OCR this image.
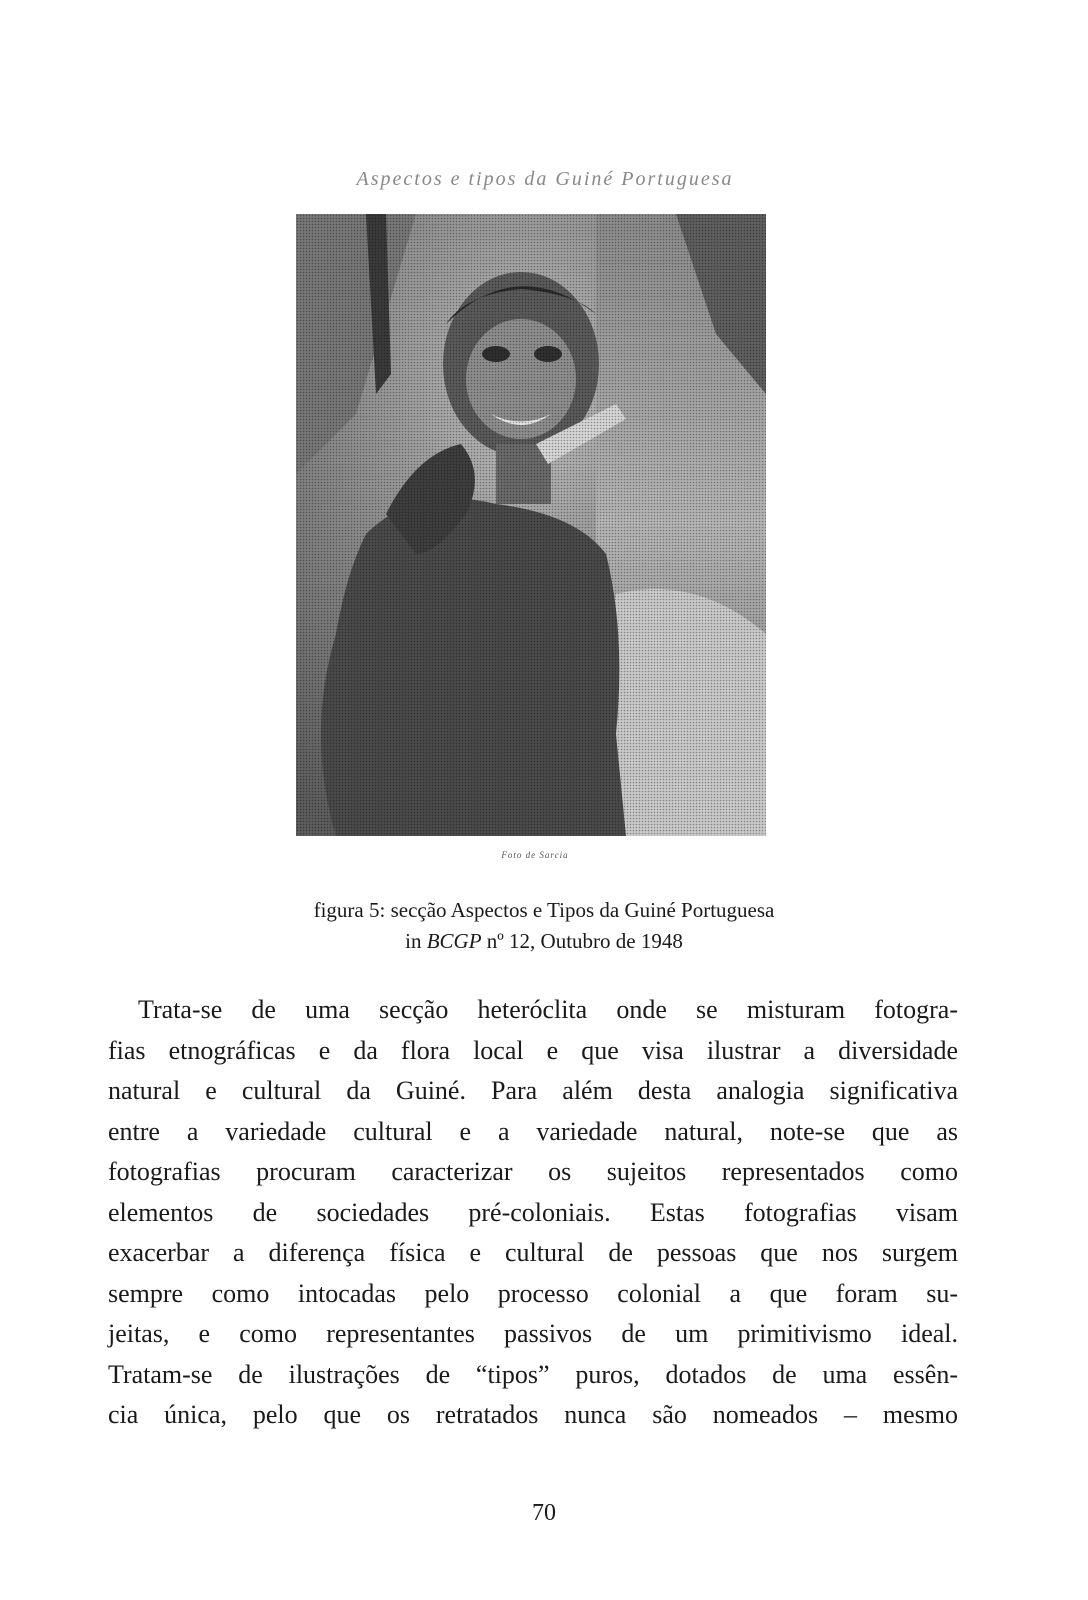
Aspectos e tipos da Guiné Portuguesa
Foto de Sarcia
figura 5: secção Aspectos e Tipos da Guiné Portuguesa
in BCGP nº 12, Outubro de 1948
Trata-se de uma secção heteróclita onde se misturam fotogra-
fias etnográficas e da flora local e que visa ilustrar a diversidade
natural e cultural da Guiné. Para além desta analogia significativa
entre a variedade cultural e a variedade natural, note-se que as
fotografias procuram caracterizar os sujeitos representados como
elementos de sociedades pré-coloniais. Estas fotografias visam
exacerbar a diferença física e cultural de pessoas que nos surgem
sempre como intocadas pelo processo colonial a que foram su-
jeitas, e como representantes passivos de um primitivismo ideal.
Tratam-se de ilustrações de “tipos” puros, dotados de uma essên-
cia única, pelo que os retratados nunca são nomeados – mesmo
70
